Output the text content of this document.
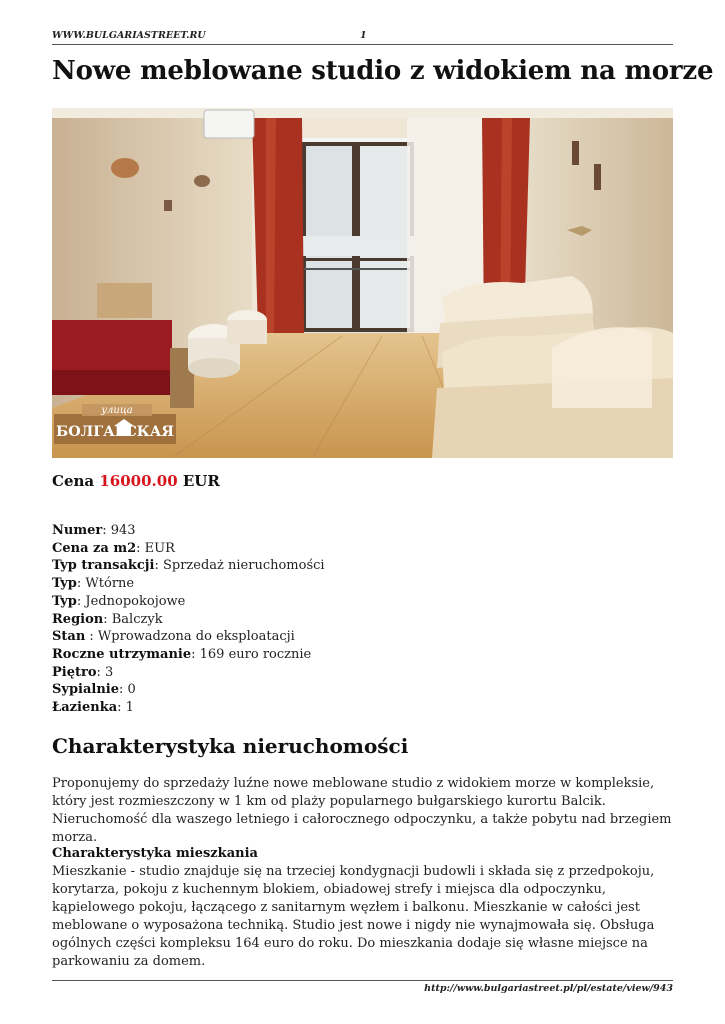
WWW.BULGARIASTREET.RU	1
Nowe meblowane studio z widokiem na morze
улица
БОЛГАРСКАЯ
Cena 16000.00 EUR
Numer: 943
Cena za m2: EUR
Typ transakcji: Sprzedaż nieruchomości
Typ: Wtórne
Typ: Jednopokojowe
Region: Balczyk
Stan : Wprowadzona do eksploatacji
Roczne utrzymanie: 169 euro rocznie
Piętro: 3
Sypialnie: 0
Łazienka: 1
Charakterystyka nieruchomości

Proponujemy do sprzedaży luźne nowe meblowane studio z widokiem morze w kompleksie, który jest rozmieszczony w 1 km od plaży popularnego bułgarskiego kurortu Balcik. Nieruchomość dla waszego letniego i całorocznego odpoczynku, a także pobytu nad brzegiem morza.

Charakterystyka mieszkania

Mieszkanie - studio znajduje się na trzeciej kondygnacji budowli i składa się z przedpokoju, korytarza, pokoju z kuchennym blokiem, obiadowej strefy i miejsca dla odpoczynku, kąpielowego pokoju, łączącego z sanitarnym węzłem i balkonu. Mieszkanie w całości jest meblowane o wyposażona techniką. Studio jest nowe i nigdy nie wynajmowała się. Obsługa ogólnych części kompleksu 164 euro do roku. Do mieszkania dodaje się własne miejsce na parkowaniu za domem.

http://www.bulgariastreet.pl/pl/estate/view/943
